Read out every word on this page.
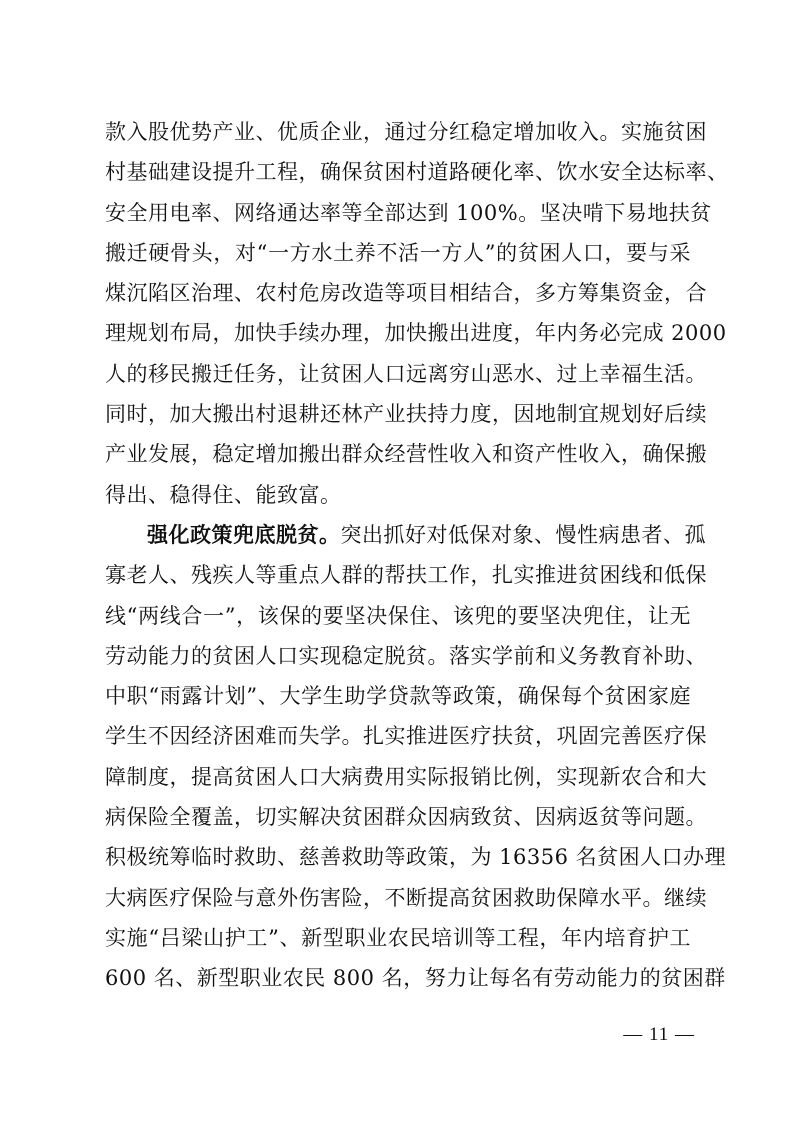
款入股优势产业、优质企业，通过分红稳定增加收入。实施贫困
村基础建设提升工程，确保贫困村道路硬化率、饮水安全达标率、
安全用电率、网络通达率等全部达到 100%。坚决啃下易地扶贫
搬迁硬骨头，对“一方水土养不活一方人”的贫困人口，要与采
煤沉陷区治理、农村危房改造等项目相结合，多方筹集资金，合
理规划布局，加快手续办理，加快搬出进度，年内务必完成 2000
人的移民搬迁任务，让贫困人口远离穷山恶水、过上幸福生活。
同时，加大搬出村退耕还林产业扶持力度，因地制宜规划好后续
产业发展，稳定增加搬出群众经营性收入和资产性收入，确保搬
得出、稳得住、能致富。
强化政策兜底脱贫。突出抓好对低保对象、慢性病患者、孤
寡老人、残疾人等重点人群的帮扶工作，扎实推进贫困线和低保
线“两线合一”，该保的要坚决保住、该兜的要坚决兜住，让无
劳动能力的贫困人口实现稳定脱贫。落实学前和义务教育补助、
中职“雨露计划”、大学生助学贷款等政策，确保每个贫困家庭
学生不因经济困难而失学。扎实推进医疗扶贫，巩固完善医疗保
障制度，提高贫困人口大病费用实际报销比例，实现新农合和大
病保险全覆盖，切实解决贫困群众因病致贫、因病返贫等问题。
积极统筹临时救助、慈善救助等政策，为 16356 名贫困人口办理
大病医疗保险与意外伤害险，不断提高贫困救助保障水平。继续
实施“吕梁山护工”、新型职业农民培训等工程，年内培育护工
600 名、新型职业农民 800 名，努力让每名有劳动能力的贫困群
— 11 —
